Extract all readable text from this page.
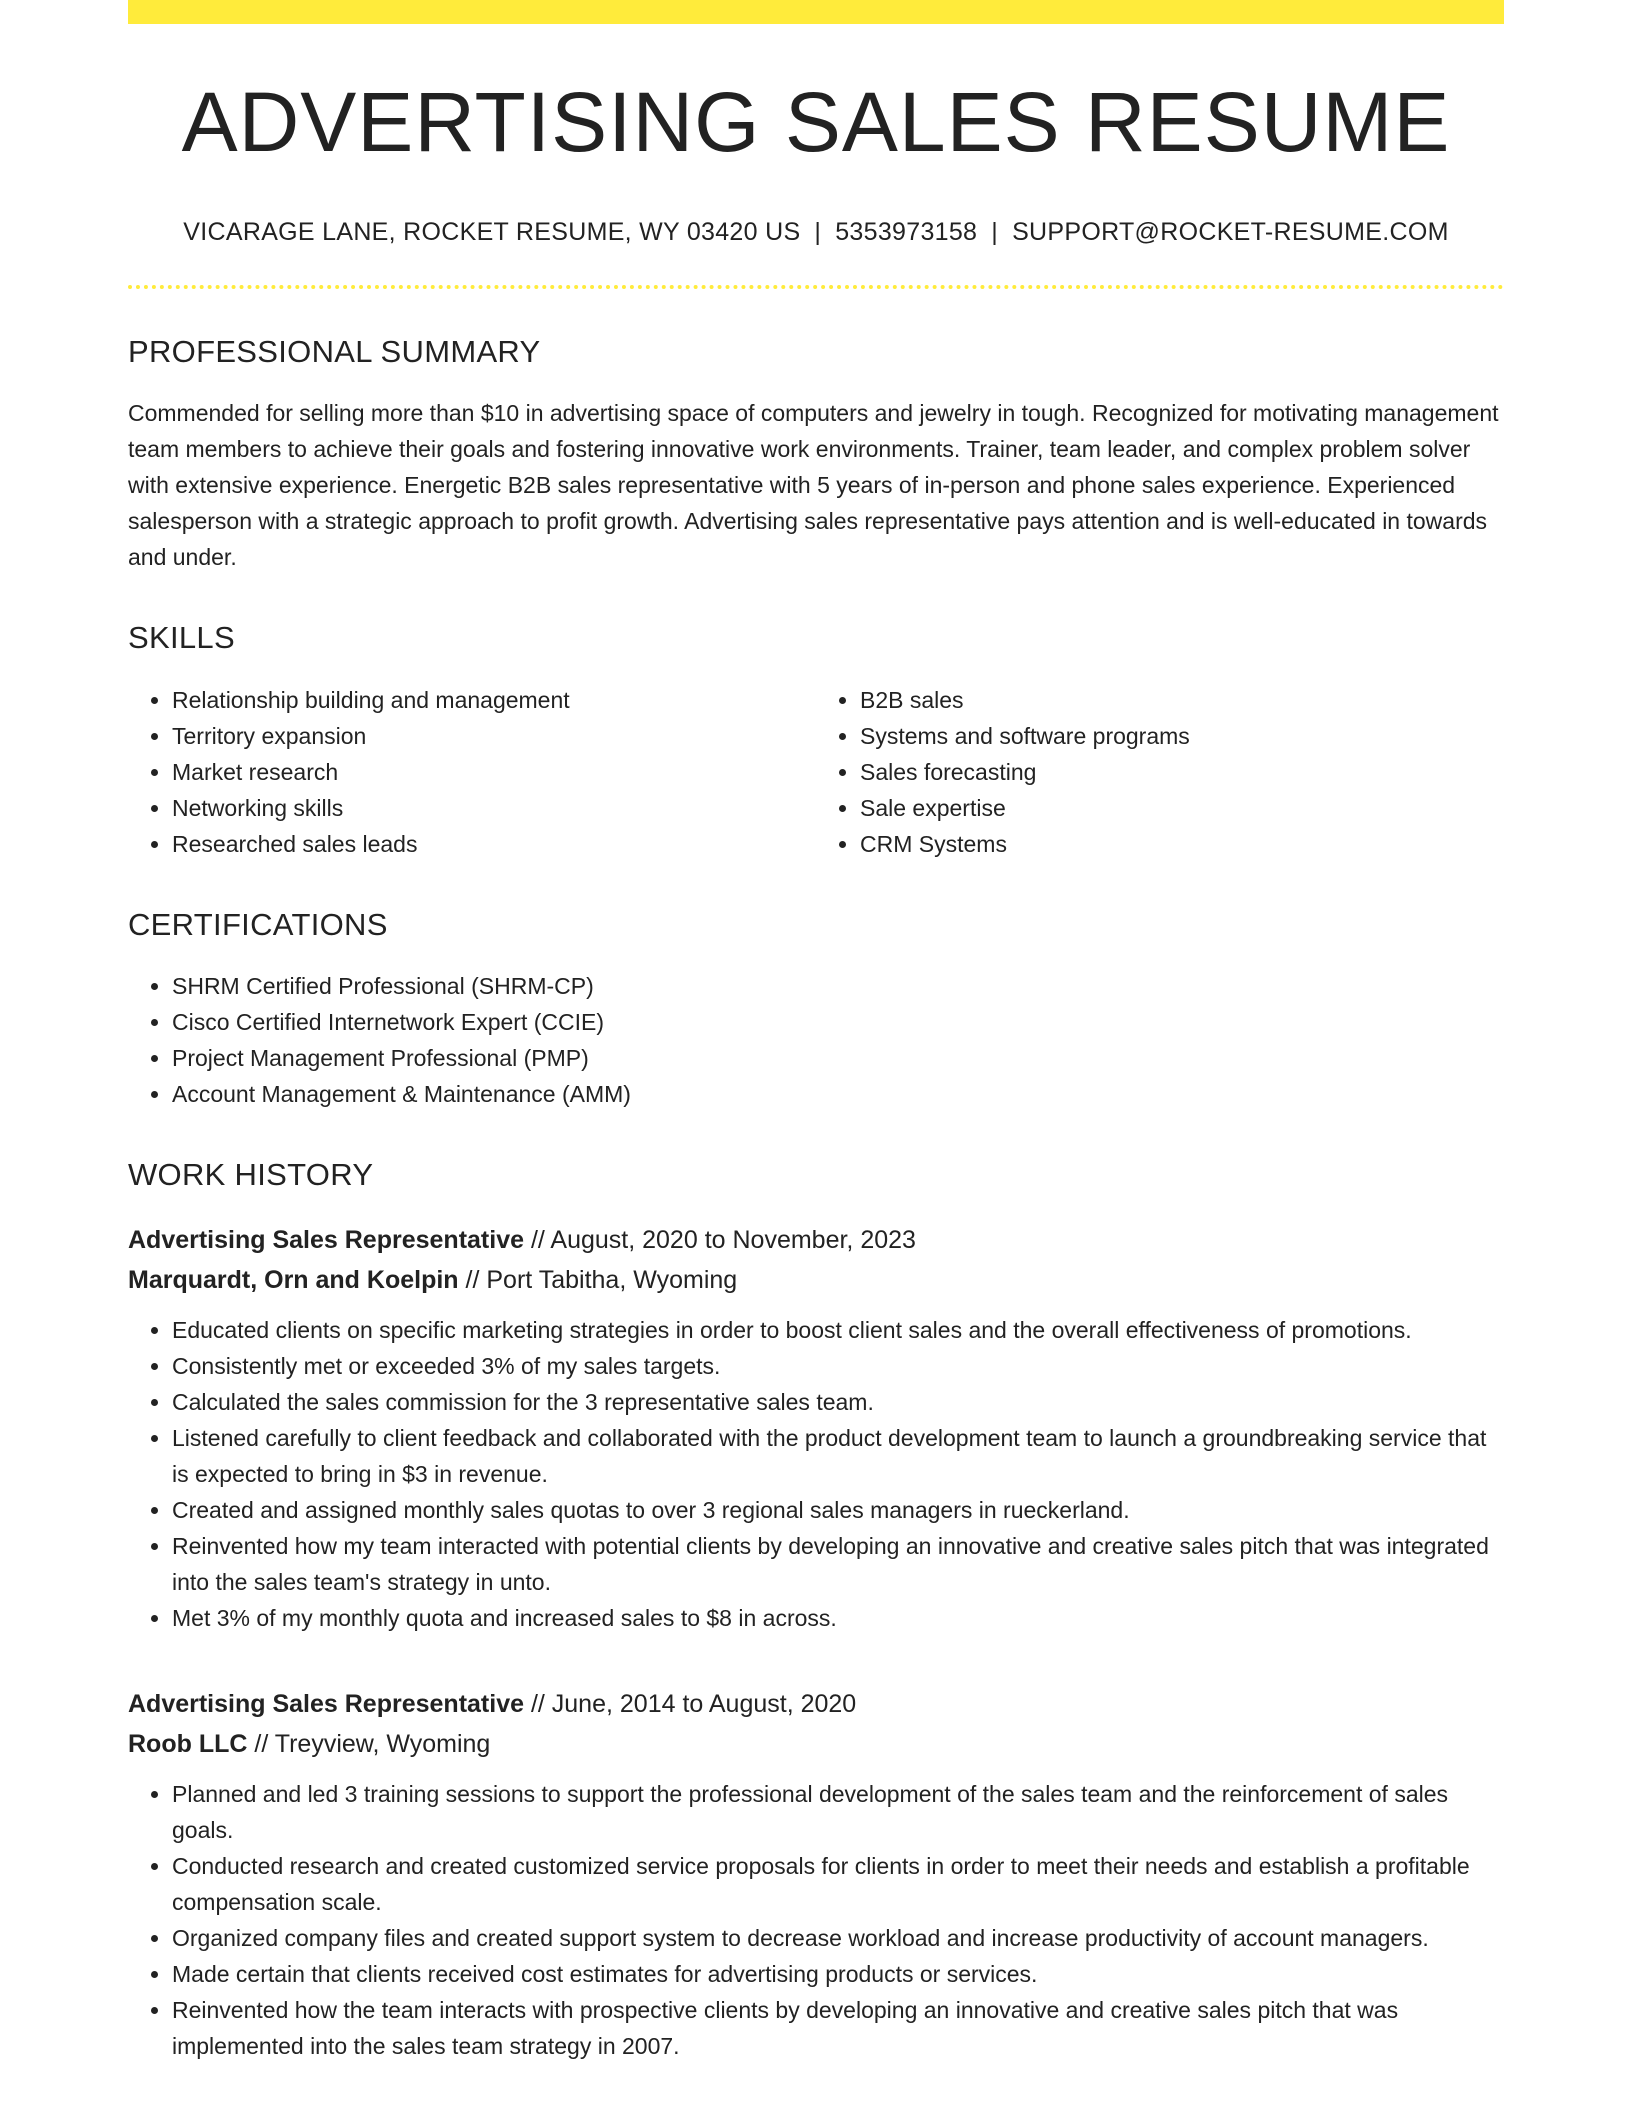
ADVERTISING SALES RESUME
VICARAGE LANE, ROCKET RESUME, WY 03420 US | 5353973158 | SUPPORT@ROCKET-RESUME.COM
PROFESSIONAL SUMMARY

Commended for selling more than $10 in advertising space of computers and jewelry in tough. Recognized for motivating management team members to achieve their goals and fostering innovative work environments. Trainer, team leader, and complex problem solver with extensive experience. Energetic B2B sales representative with 5 years of in-person and phone sales experience. Experienced salesperson with a strategic approach to profit growth. Advertising sales representative pays attention and is well-educated in towards and under.

SKILLS
• Relationship building and management
• Territory expansion
• Market research
• Networking skills
• Researched sales leads
• B2B sales
• Systems and software programs
• Sales forecasting
• Sale expertise
• CRM Systems
CERTIFICATIONS
• SHRM Certified Professional (SHRM-CP)
• Cisco Certified Internetwork Expert (CCIE)
• Project Management Professional (PMP)
• Account Management & Maintenance (AMM)
WORK HISTORY
Advertising Sales Representative // August, 2020 to November, 2023
Marquardt, Orn and Koelpin // Port Tabitha, Wyoming
• Educated clients on specific marketing strategies in order to boost client sales and the overall effectiveness of promotions.
• Consistently met or exceeded 3% of my sales targets.
• Calculated the sales commission for the 3 representative sales team.
• Listened carefully to client feedback and collaborated with the product development team to launch a groundbreaking service that is expected to bring in $3 in revenue.
• Created and assigned monthly sales quotas to over 3 regional sales managers in rueckerland.
• Reinvented how my team interacted with potential clients by developing an innovative and creative sales pitch that was integrated into the sales team's strategy in unto.
• Met 3% of my monthly quota and increased sales to $8 in across.
Advertising Sales Representative // June, 2014 to August, 2020
Roob LLC // Treyview, Wyoming
• Planned and led 3 training sessions to support the professional development of the sales team and the reinforcement of sales goals.
• Conducted research and created customized service proposals for clients in order to meet their needs and establish a profitable compensation scale.
• Organized company files and created support system to decrease workload and increase productivity of account managers.
• Made certain that clients received cost estimates for advertising products or services.
• Reinvented how the team interacts with prospective clients by developing an innovative and creative sales pitch that was implemented into the sales team strategy in 2007.
